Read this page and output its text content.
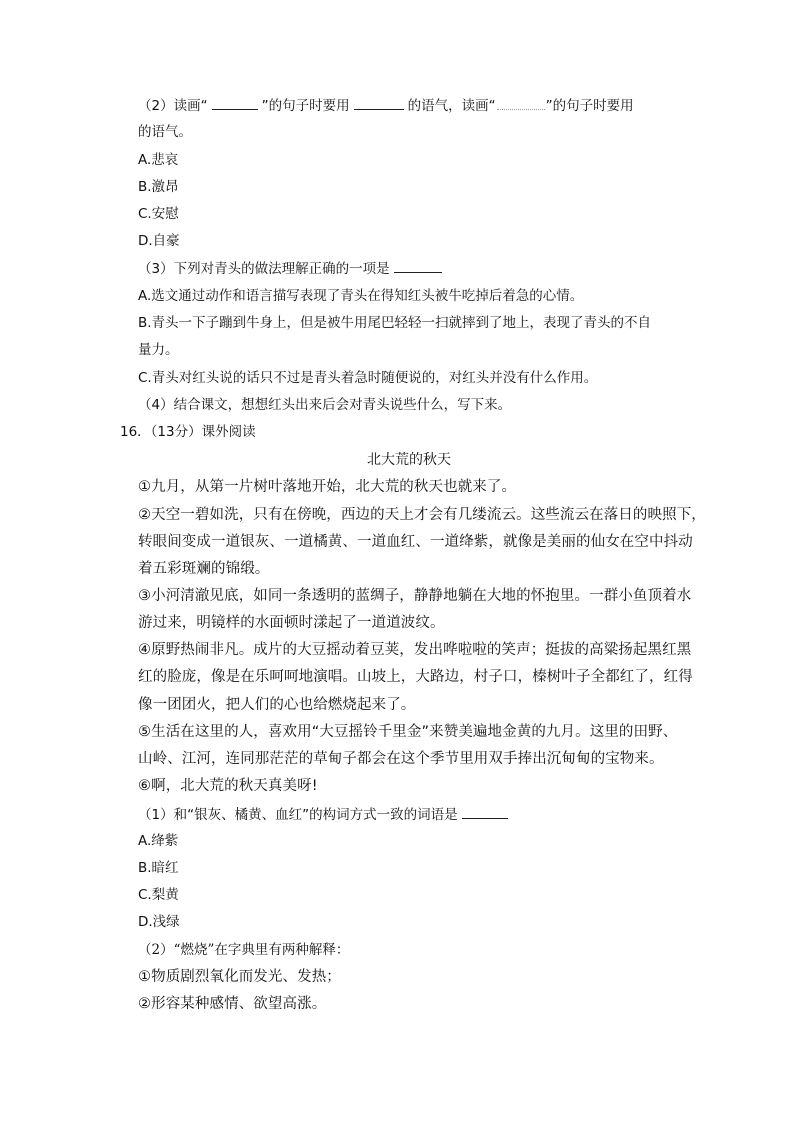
（2）读画“	”的句子时要用	的语气，读画“	”的句子时要用
的语气。
A.悲哀
B.激昂
C.安慰
D.自豪
（3）下列对青头的做法理解正确的一项是
A.选文通过动作和语言描写表现了青头在得知红头被牛吃掉后着急的心情。
B.青头一下子蹦到牛身上，但是被牛用尾巴轻轻一扫就摔到了地上，表现了青头的不自
量力。
C.青头对红头说的话只不过是青头着急时随便说的，对红头并没有什么作用。
（4）结合课文，想想红头出来后会对青头说些什么，写下来。
16．（13分）课外阅读
北大荒的秋天
①九月，从第一片树叶落地开始，北大荒的秋天也就来了。
②天空一碧如洗，只有在傍晚，西边的天上才会有几缕流云。这些流云在落日的映照下，
转眼间变成一道银灰、一道橘黄、一道血红、一道绛紫，就像是美丽的仙女在空中抖动
着五彩斑斓的锦缎。
③小河清澈见底，如同一条透明的蓝绸子，静静地躺在大地的怀抱里。一群小鱼顶着水
游过来，明镜样的水面顿时漾起了一道道波纹。
④原野热闹非凡。成片的大豆摇动着豆荚，发出哗啦啦的笑声；挺拔的高粱扬起黑红黑
红的脸庞，像是在乐呵呵地演唱。山坡上，大路边，村子口，榛树叶子全都红了，红得
像一团团火，把人们的心也给燃烧起来了。
⑤生活在这里的人，喜欢用“大豆摇铃千里金”来赞美遍地金黄的九月。这里的田野、
山岭、江河，连同那茫茫的草甸子都会在这个季节里用双手捧出沉甸甸的宝物来。
⑥啊，北大荒的秋天真美呀!
（1）和“银灰、橘黄、血红”的构词方式一致的词语是
A.绛紫
B.暗红
C.梨黄
D.浅绿
（2）“燃烧”在字典里有两种解释：
①物质剧烈氧化而发光、发热；
②形容某种感情、欲望高涨。
